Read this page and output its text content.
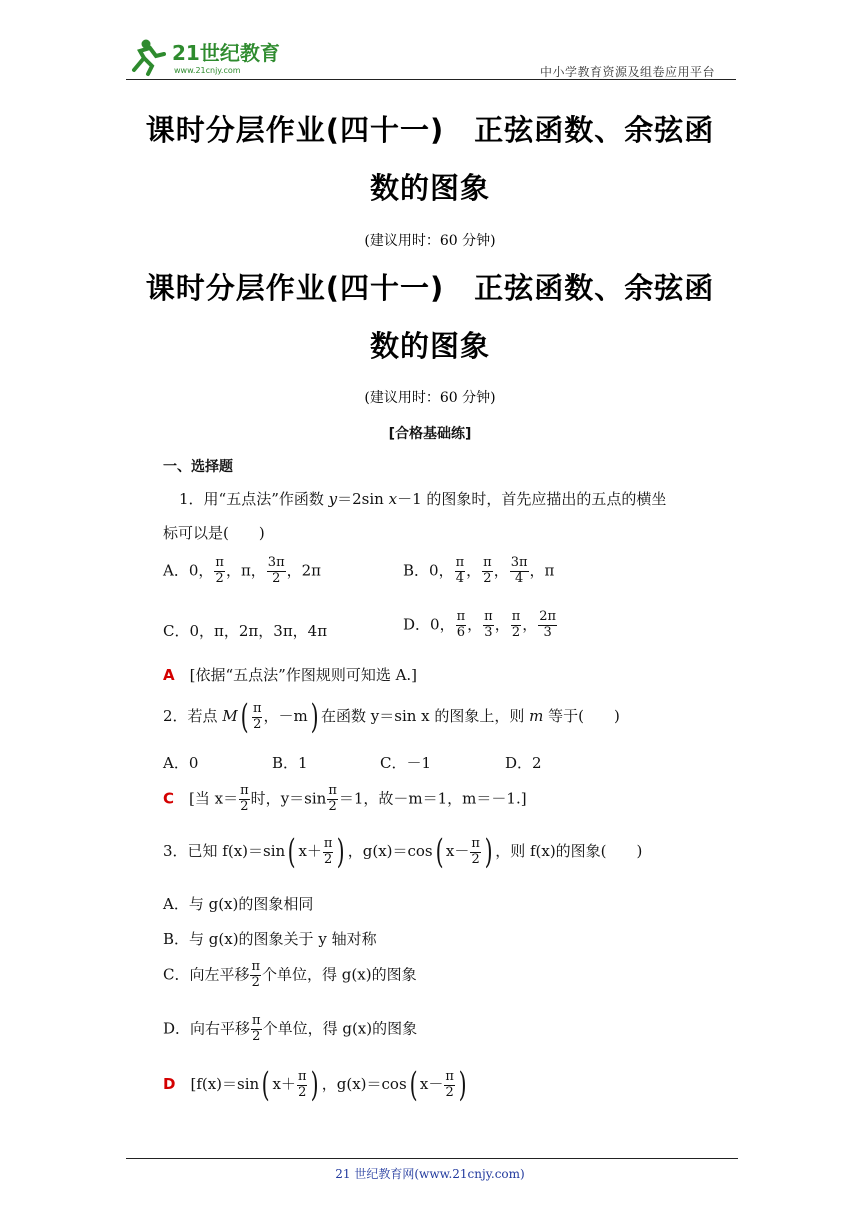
21世纪教育
www.21cnjy.com	中小学教育资源及组卷应用平台
课时分层作业(四十一)　正弦函数、余弦函
数的图象
(建议用时：60 分钟)
课时分层作业(四十一)　正弦函数、余弦函
数的图象
(建议用时：60 分钟)
[合格基础练]
一、选择题
1．用“五点法”作函数 y＝2sin x－1 的图象时，首先应描出的五点的横坐
标可以是(　　)
A．0， $\frac{\pi}{2}$ ，π， $\frac{3\pi}{2}$ ，2π	B．0， $\frac{\pi}{4}$ ， $\frac{\pi}{2}$ ， $\frac{3\pi}{4}$ ，π
C．0，π，2π，3π，4π	D．0， $\frac{\pi}{6}$ ， $\frac{\pi}{3}$ ， $\frac{\pi}{2}$ ， $\frac{2\pi}{3}$
A　 [依据“五点法”作图规则可知选 A.]
2．若点 $M( \frac{\pi}{2}$ ，－m) 在函数 y＝sin x 的图象上，则 m 等于(　　)
A．0	B．1	C．－1	D．2
C　 [当 $x= \frac{\pi}{2}$ 时，$y=\sin \frac{\pi}{2} =1$，故－m＝1，m＝－1.]
3．已知 f(x)＝sin( $x+ \frac{\pi}{2}$ ) ，g(x)＝cos( $x- \frac{\pi}{2}$ ) ，则 f(x)的图象(　　)
A．与 g(x)的图象相同
B．与 g(x)的图象关于 y 轴对称
C．向左平移 $\frac{\pi}{2}$ 个单位，得 g(x)的图象
D．向右平移 $\frac{\pi}{2}$ 个单位，得 g(x)的图象
D　 [f(x)＝sin( $x+ \frac{\pi}{2}$ ) ，g(x)＝cos( $x- \frac{\pi}{2}$ )
21 世纪教育网(www.21cnjy.com)
